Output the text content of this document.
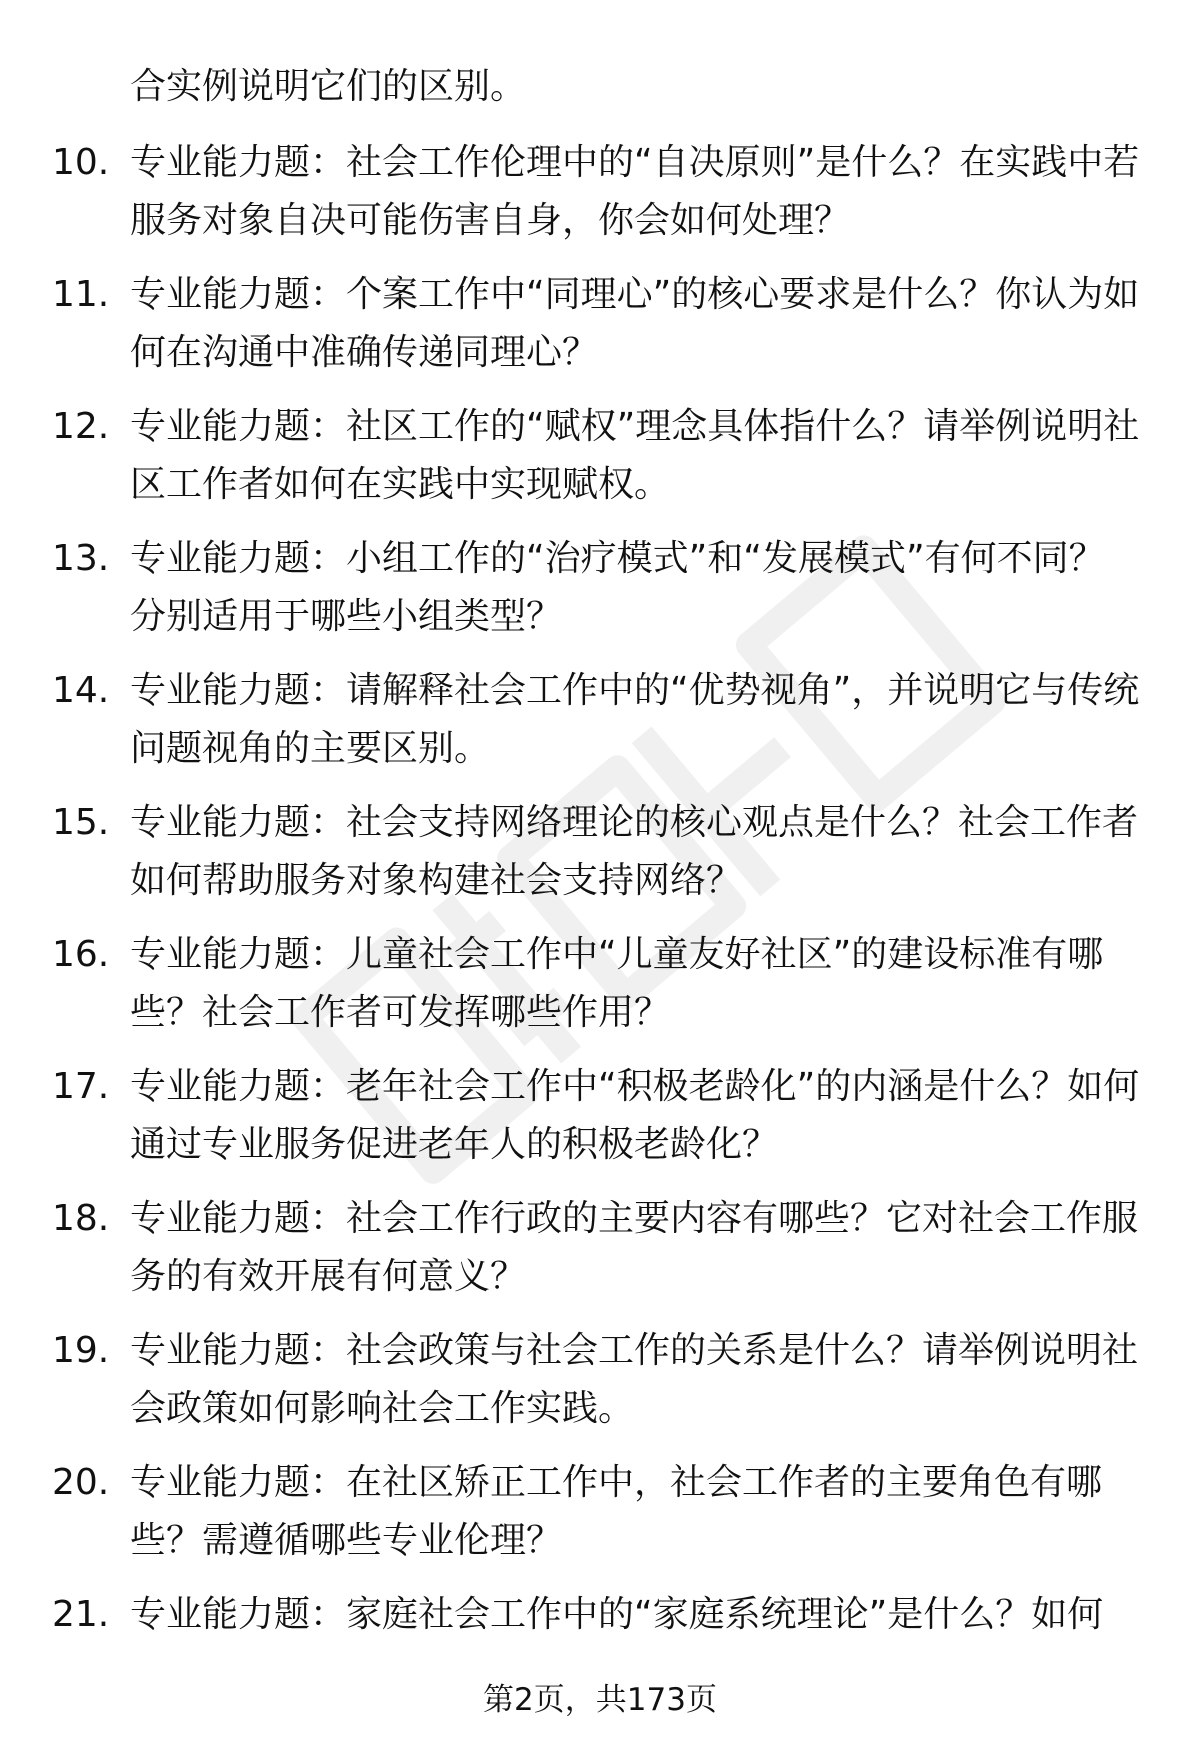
合实例说明它们的区别。

10. 专业能力题：社会工作伦理中的“自决原则”是什么？在实践中若服务对象自决可能伤害自身，你会如何处理？

11. 专业能力题：个案工作中“同理心”的核心要求是什么？你认为如何在沟通中准确传递同理心？

12. 专业能力题：社区工作的“赋权”理念具体指什么？请举例说明社区工作者如何在实践中实现赋权。

13. 专业能力题：小组工作的“治疗模式”和“发展模式”有何不同？分别适用于哪些小组类型？

14. 专业能力题：请解释社会工作中的“优势视角”，并说明它与传统问题视角的主要区别。

15. 专业能力题：社会支持网络理论的核心观点是什么？社会工作者如何帮助服务对象构建社会支持网络？

16. 专业能力题：儿童社会工作中“儿童友好社区”的建设标准有哪些？社会工作者可发挥哪些作用？

17. 专业能力题：老年社会工作中“积极老龄化”的内涵是什么？如何通过专业服务促进老年人的积极老龄化？

18. 专业能力题：社会工作行政的主要内容有哪些？它对社会工作服务的有效开展有何意义？

19. 专业能力题：社会政策与社会工作的关系是什么？请举例说明社会政策如何影响社会工作实践。

20. 专业能力题：在社区矫正工作中，社会工作者的主要角色有哪些？需遵循哪些专业伦理？

21. 专业能力题：家庭社会工作中的“家庭系统理论”是什么？如何

第2页，共173页
